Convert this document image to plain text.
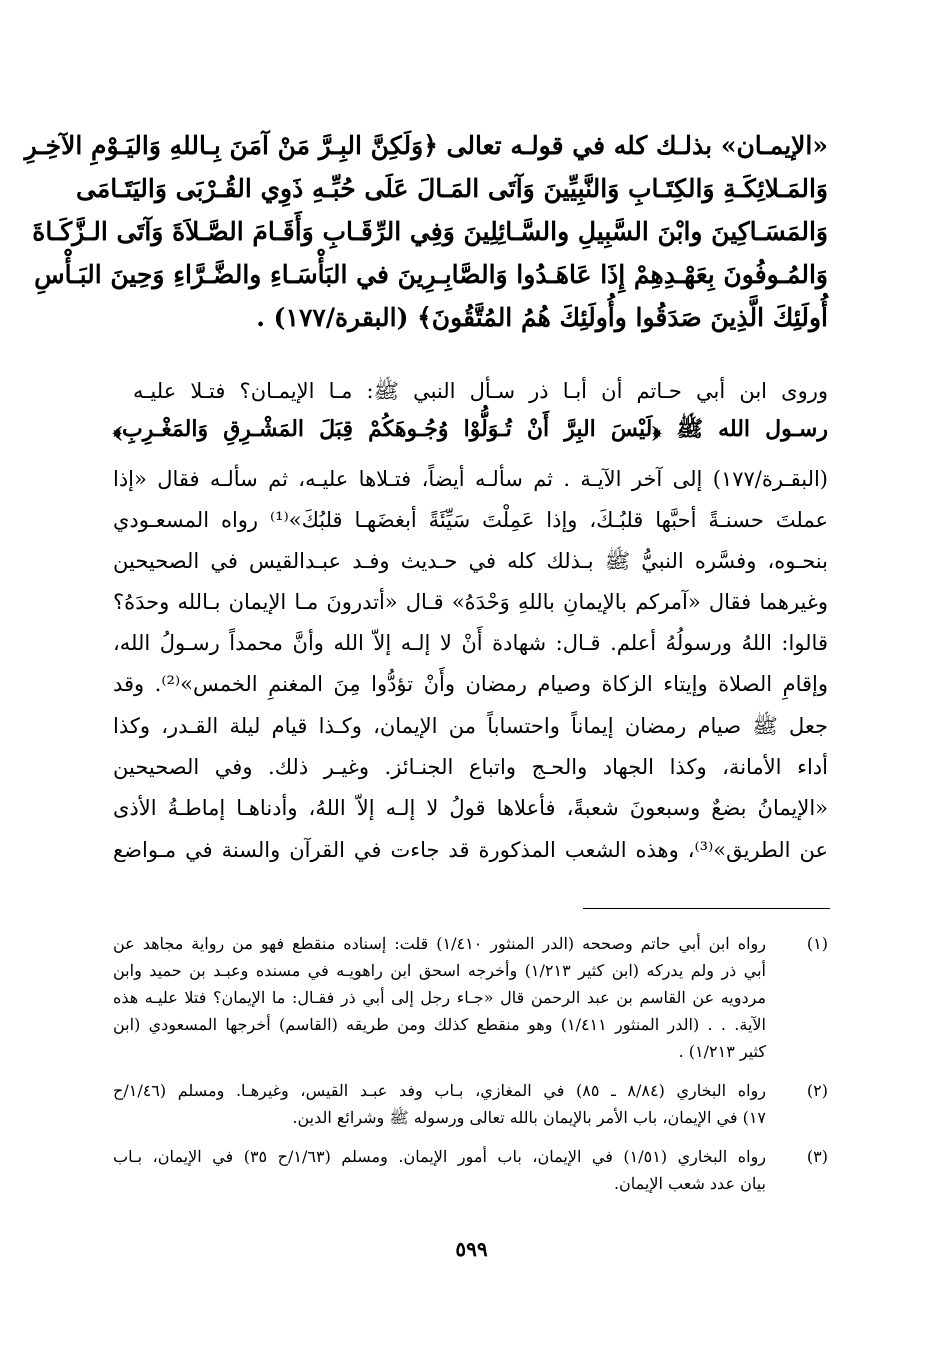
«الإيمـان» بذلـك كله في قولـه تعالى ﴿وَلَكِنَّ البِـرَّ مَنْ آمَنَ بِـاللهِ وَاليَـوْمِ الآخِـرِ
وَالمَـلائِكَـةِ وَالكِتَـابِ وَالنَّبِيِّينَ وَآتَى المَـالَ عَلَى حُبِّـهِ ذَوِي القُـرْبَى وَاليَتَـامَى
وَالمَسَـاكِينَ وابْنَ السَّبِيلِ والسَّـائِلِينَ وَفِي الرِّقَـابِ وَأَقَـامَ الصَّـلاَةَ وَآتَى الـزَّكَـاةَ
وَالمُـوفُونَ بِعَهْـدِهِمْ إِذَا عَاهَـدُوا وَالصَّابِـرِينَ في البَأْسَـاءِ والضَّـرَّاءِ وَحِينَ البَـأْسِ
أُولَئِكَ الَّذِينَ صَدَقُوا وأُولَئِكَ هُمُ المُتَّقُونَ﴾ (البقرة/١٧٧) .
وروى ابن أبي حـاتم أن أبـا ذر سـأل النبي ﷺ: مـا الإيمـان؟ فتـلا عليـه
رسـول الله ﷺ ﴿لَيْسَ البِرَّ أَنْ تُـوَلُّوْا وُجُـوهَكُمْ قِبَلَ المَشْـرِقِ وَالمَغْـرِبِ﴾
(البقـرة/١٧٧) إلى آخر الآيـة . ثم سألـه أيضاً، فتـلاها عليـه، ثم سألـه فقال «إذا
عملتَ حسنـةً أحبَّها قلبُـكَ، وإذا عَمِلْتَ سَيِّئَةً أبغضَهـا قلبُكَ»⁽¹⁾ رواه المسعـودي
بنحـوه، وفسَّره النبيُّ ﷺ بـذلك كله في حـديث وفـد عبـدالقيس في الصحيحين
وغيرهما فقال «آمركم بالإيمانِ باللهِ وَحْدَهُ» قـال «أتدرونَ مـا الإيمان بـالله وحدَهُ؟
قالوا: اللهُ ورسولُهُ أعلم. قـال: شهادة أَنْ لا إلـه إلاّ الله وأنَّ محمداً رسـولُ الله،
وإقامِ الصلاة وإيتاء الزكاة وصيام رمضان وأَنْ تؤدُّوا مِنَ المغنمِ الخمس»⁽²⁾. وقد
جعل ﷺ صيام رمضان إيماناً واحتساباً من الإيمان، وكـذا قيام ليلة القـدر، وكذا
أداء الأمانة، وكذا الجهاد والحـج واتباع الجنـائز. وغيـر ذلك. وفي الصحيحين
«الإيمانُ بضعٌ وسبعونَ شعبةً، فأعلاها قولُ لا إلـه إلاّ اللهُ، وأدناهـا إماطـةُ الأذى
عن الطريق»⁽³⁾، وهذه الشعب المذكورة قد جاءت في القرآن والسنة في مـواضع
(١)
رواه ابن أبي حاتم وصححه (الدر المنثور ١/٤١٠) قلت: إسناده منقطع فهو من رواية مجاهد عن
أبي ذر ولم يدركه (ابن كثير ١/٢١٣) وأخرجه اسحق ابن راهويـه في مسنده وعبـد بن حميد وابن
مردويه عن القاسم بن عبد الرحمن قال «جـاء رجل إلى أبي ذر فقـال: ما الإيمان؟ فتلا عليـه هذه
الآية. . . (الدر المنثور ١/٤١١) وهو منقطع كذلك ومن طريقه (القاسم) أخرجها المسعودي (ابن
كثير ١/٢١٣) .
(٢)
رواه البخاري (٨/٨٤ ـ ٨٥) في المغازي، بـاب وفد عبـد القيس، وغيرهـا. ومسلم (١/٤٦/ح
١٧) في الإيمان، باب الأمر بالإيمان بالله تعالى ورسوله ﷺ وشرائع الدين.
(٣)
رواه البخاري (١/٥١) في الإيمان، باب أمور الإيمان. ومسلم (١/٦٣/ح ٣٥) في الإيمان، بـاب
بيان عدد شعب الإيمان.
٥٩٩
